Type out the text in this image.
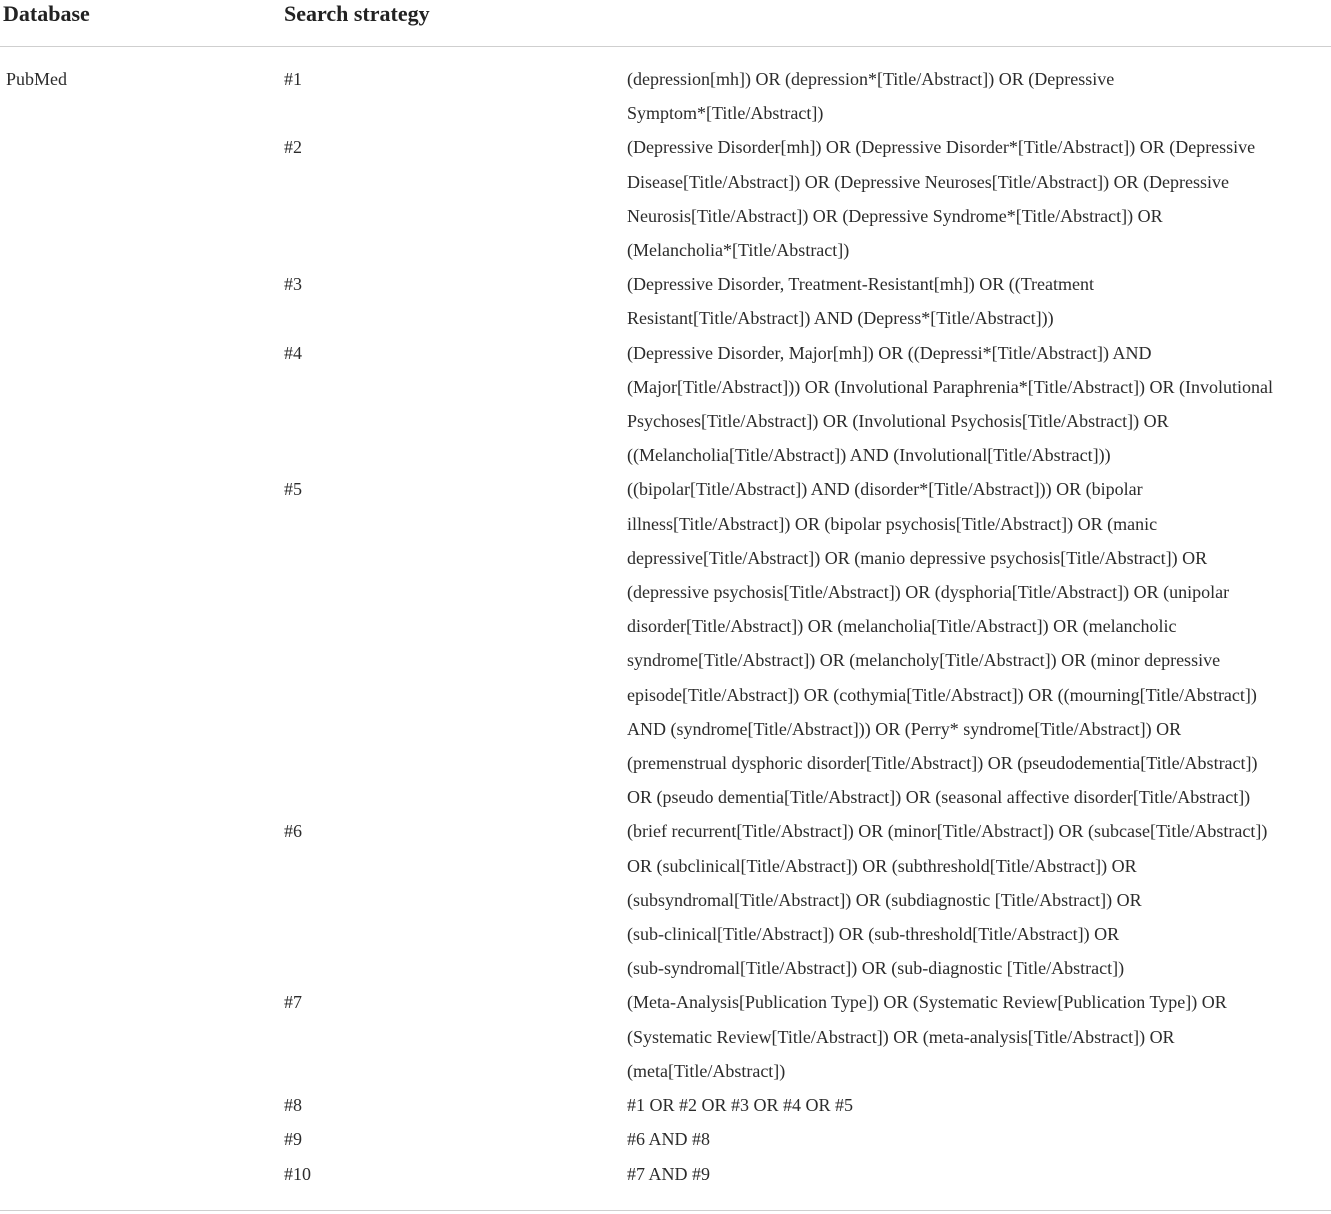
Database	Search strategy
PubMed	#1	(depression[mh]) OR (depression*[Title/Abstract]) OR (Depressive
Symptom*[Title/Abstract])
#2	(Depressive Disorder[mh]) OR (Depressive Disorder*[Title/Abstract]) OR (Depressive
Disease[Title/Abstract]) OR (Depressive Neuroses[Title/Abstract]) OR (Depressive
Neurosis[Title/Abstract]) OR (Depressive Syndrome*[Title/Abstract]) OR
(Melancholia*[Title/Abstract])
#3	(Depressive Disorder, Treatment-Resistant[mh]) OR ((Treatment
Resistant[Title/Abstract]) AND (Depress*[Title/Abstract]))
#4	(Depressive Disorder, Major[mh]) OR ((Depressi*[Title/Abstract]) AND
(Major[Title/Abstract])) OR (Involutional Paraphrenia*[Title/Abstract]) OR (Involutional
Psychoses[Title/Abstract]) OR (Involutional Psychosis[Title/Abstract]) OR
((Melancholia[Title/Abstract]) AND (Involutional[Title/Abstract]))
#5	((bipolar[Title/Abstract]) AND (disorder*[Title/Abstract])) OR (bipolar
illness[Title/Abstract]) OR (bipolar psychosis[Title/Abstract]) OR (manic
depressive[Title/Abstract]) OR (manio depressive psychosis[Title/Abstract]) OR
(depressive psychosis[Title/Abstract]) OR (dysphoria[Title/Abstract]) OR (unipolar
disorder[Title/Abstract]) OR (melancholia[Title/Abstract]) OR (melancholic
syndrome[Title/Abstract]) OR (melancholy[Title/Abstract]) OR (minor depressive
episode[Title/Abstract]) OR (cothymia[Title/Abstract]) OR ((mourning[Title/Abstract])
AND (syndrome[Title/Abstract])) OR (Perry* syndrome[Title/Abstract]) OR
(premenstrual dysphoric disorder[Title/Abstract]) OR (pseudodementia[Title/Abstract])
OR (pseudo dementia[Title/Abstract]) OR (seasonal affective disorder[Title/Abstract])
#6	(brief recurrent[Title/Abstract]) OR (minor[Title/Abstract]) OR (subcase[Title/Abstract])
OR (subclinical[Title/Abstract]) OR (subthreshold[Title/Abstract]) OR
(subsyndromal[Title/Abstract]) OR (subdiagnostic [Title/Abstract]) OR
(sub-clinical[Title/Abstract]) OR (sub-threshold[Title/Abstract]) OR
(sub-syndromal[Title/Abstract]) OR (sub-diagnostic [Title/Abstract])
#7	(Meta-Analysis[Publication Type]) OR (Systematic Review[Publication Type]) OR
(Systematic Review[Title/Abstract]) OR (meta-analysis[Title/Abstract]) OR
(meta[Title/Abstract])
#8	#1 OR #2 OR #3 OR #4 OR #5
#9	#6 AND #8
#10	#7 AND #9
